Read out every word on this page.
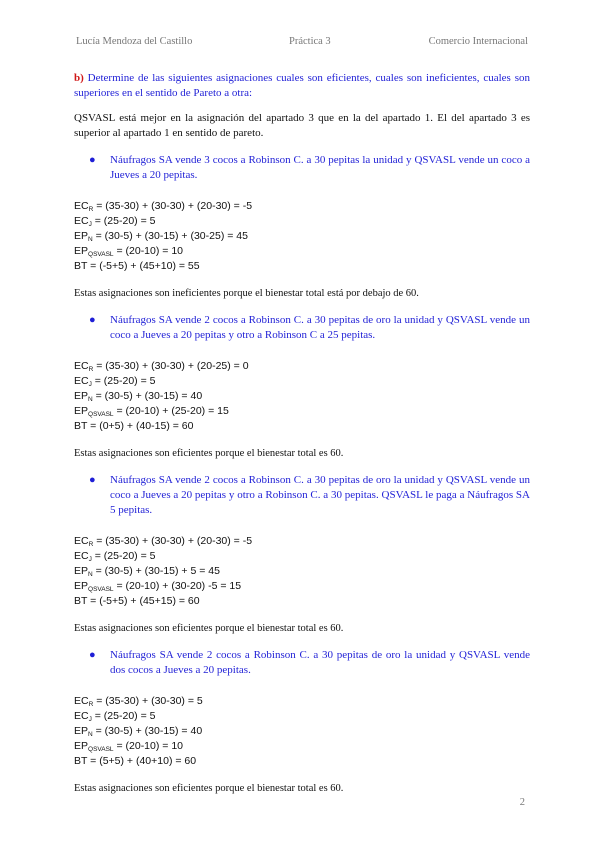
Lucía Mendoza del Castillo	Práctica 3	Comercio Internacional

b) Determine de las siguientes asignaciones cuales son eficientes, cuales son ineficientes, cuales son superiores en el sentido de Pareto a otra:

QSVASL está mejor en la asignación del apartado 3 que en la del apartado 1. El del apartado 3 es superior al apartado 1 en sentido de pareto.

● Náufragos SA vende 3 cocos a Robinson C. a 30 pepitas la unidad y QSVASL vende un coco a Jueves a 20 pepitas.
$EC_R = (35-30) + (30-30) + (20-30) = -5$
$EC_J = (25-20) = 5$
$EP_N = (30-5) + (30-15) + (30-25) = 45$
$EP_{QSVASL} = (20-10) = 10$
BT = (-5+5) + (45+10) = 55

Estas asignaciones son ineficientes porque el bienestar total está por debajo de 60.

● Náufragos SA vende 2 cocos a Robinson C. a 30 pepitas de oro la unidad y QSVASL vende un coco a Jueves a 20 pepitas y otro a Robinson C a 25 pepitas.
$EC_R = (35-30) + (30-30) + (20-25) = 0$
$EC_J = (25-20) = 5$
$EP_N = (30-5) + (30-15) = 40$
$EP_{QSVASL} = (20-10) + (25-20) = 15$
BT = (0+5) + (40-15) = 60

Estas asignaciones son eficientes porque el bienestar total es 60.

● Náufragos SA vende 2 cocos a Robinson C. a 30 pepitas de oro la unidad y QSVASL vende un coco a Jueves a 20 pepitas y otro a Robinson C. a 30 pepitas. QSVASL le paga a Náufragos SA 5 pepitas.
$EC_R = (35-30) + (30-30) + (20-30) = -5$
$EC_J = (25-20) = 5$
$EP_N = (30-5) + (30-15) + 5 = 45$
$EP_{QSVASL} = (20-10) + (30-20) -5 = 15$
BT = (-5+5) + (45+15) = 60

Estas asignaciones son eficientes porque el bienestar total es 60.

● Náufragos SA vende 2 cocos a Robinson C. a 30 pepitas de oro la unidad y QSVASL vende dos cocos a Jueves a 20 pepitas.
$EC_R = (35-30) + (30-30) = 5$
$EC_J = (25-20) = 5$
$EP_N = (30-5) + (30-15) = 40$
$EP_{QSVASL} = (20-10) = 10$
BT = (5+5) + (40+10) = 60

Estas asignaciones son eficientes porque el bienestar total es 60.

2
